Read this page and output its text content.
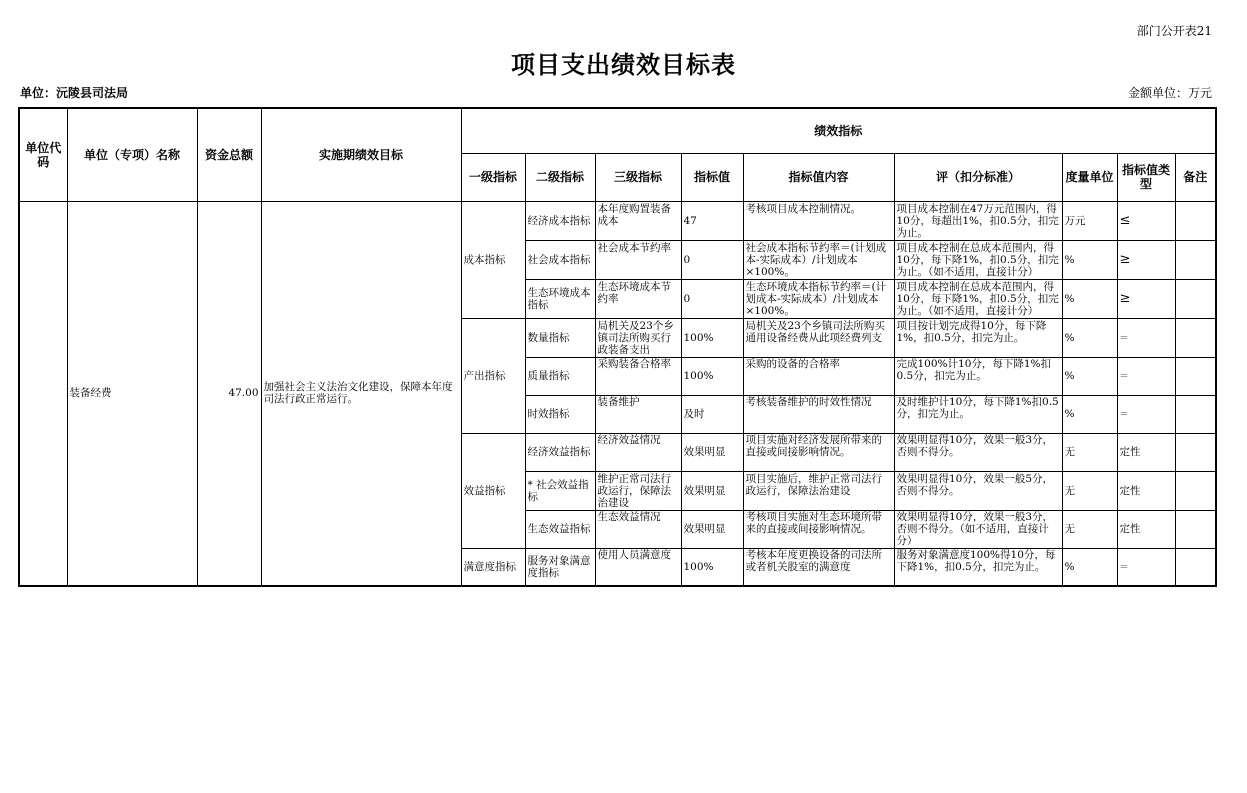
部门公开表21
项目支出绩效目标表
单位：沅陵县司法局	金额单位：万元
单位代码	单位（专项）名称	资金总额	实施期绩效目标	绩效指标								
				一级指标	二级指标	三级指标	指标值	指标值内容	评（扣分标准）	度量单位	指标值类型	备注
	装备经费	47.00	加强社会主义法治文化建设，保障本年度司法行政正常运行。	成本指标	经济成本指标	本年度购置装备成本	47	考核项目成本控制情况。	项目成本控制在47万元范围内，得10分，每超出1%，扣0.5分，扣完为止。	万元	≤	
					社会成本指标	社会成本节约率	0	社会成本指标节约率＝(计划成本-实际成本）/计划成本×100%。	项目成本控制在总成本范围内，得10分，每下降1%，扣0.5分，扣完为止。（如不适用，直接计分）	%	≥	
					生态环境成本指标	生态环境成本节约率	0	生态环境成本指标节约率＝(计划成本-实际成本）/计划成本×100%。	项目成本控制在总成本范围内，得10分，每下降1%，扣0.5分，扣完为止。（如不适用，直接计分）	%	≥	
				产出指标	数量指标	局机关及23个乡镇司法所购买行政装备支出	100%	局机关及23个乡镇司法所购买通用设备经费从此项经费列支	项目按计划完成得10分，每下降1%，扣0.5分，扣完为止。	%	=	
					质量指标	采购装备合格率	100%	采购的设备的合格率	完成100%计10分，每下降1%扣0.5分，扣完为止。	%	=	
					时效指标	装备维护	及时	考核装备维护的时效性情况	及时维护计10分，每下降1%扣0.5分，扣完为止。	%	=	
				效益指标	经济效益指标	经济效益情况	效果明显	项目实施对经济发展所带来的直接或间接影响情况。	效果明显得10分，效果一般3分，否则不得分。	无	定性	
					* 社会效益指标	维护正常司法行政运行，保障法治建设	效果明显	项目实施后，维护正常司法行政运行，保障法治建设	效果明显得10分，效果一般5分，否则不得分。	无	定性	
					生态效益指标	生态效益情况	效果明显	考核项目实施对生态环境所带来的直接或间接影响情况。	效果明显得10分，效果一般3分，否则不得分。（如不适用，直接计分）	无	定性	
				满意度指标	服务对象满意度指标	使用人员满意度	100%	考核本年度更换设备的司法所或者机关股室的满意度	服务对象满意度100%得10分，每下降1%，扣0.5分，扣完为止。	%	=	
